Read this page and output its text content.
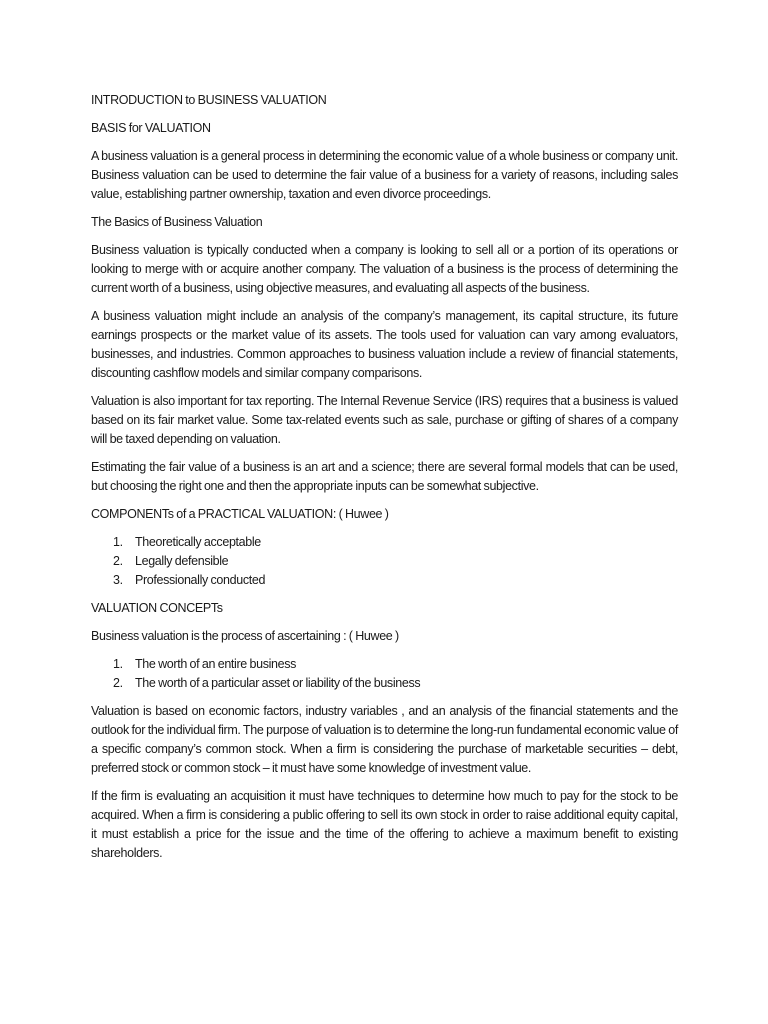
INTRODUCTION to BUSINESS VALUATION

BASIS for VALUATION

A business valuation is a general process in determining the economic value of a whole business or company unit. Business valuation can be used to determine the fair value of a business for a variety of reasons, including sales value, establishing partner ownership, taxation and even divorce proceedings.

The Basics of Business Valuation

Business valuation is typically conducted when a company is looking to sell all or a portion of its operations or looking to merge with or acquire another company. The valuation of a business is the process of determining the current worth of a business, using objective measures, and evaluating all aspects of the business.

A business valuation might include an analysis of the company’s management, its capital structure, its future earnings prospects or the market value of its assets. The tools used for valuation can vary among evaluators, businesses, and industries. Common approaches to business valuation include a review of financial statements, discounting cashflow models and similar company comparisons.

Valuation is also important for tax reporting. The Internal Revenue Service (IRS) requires that a business is valued based on its fair market value. Some tax-related events such as sale, purchase or gifting of shares of a company will be taxed depending on valuation.

Estimating the fair value of a business is an art and a science; there are several formal models that can be used, but choosing the right one and then the appropriate inputs can be somewhat subjective.

COMPONENTs of a PRACTICAL VALUATION: ( Huwee )

1. Theoretically acceptable
2. Legally defensible
3. Professionally conducted

VALUATION CONCEPTs

Business valuation is the process of ascertaining : ( Huwee )

1. The worth of an entire business
2. The worth of a particular asset or liability of the business

Valuation is based on economic factors, industry variables , and an analysis of the financial statements and the outlook for the individual firm. The purpose of valuation is to determine the long-run fundamental economic value of a specific company’s common stock. When a firm is considering the purchase of marketable securities – debt, preferred stock or common stock – it must have some knowledge of investment value.

If the firm is evaluating an acquisition it must have techniques to determine how much to pay for the stock to be acquired. When a firm is considering a public offering to sell its own stock in order to raise additional equity capital, it must establish a price for the issue and the time of the offering to achieve a maximum benefit to existing shareholders.
